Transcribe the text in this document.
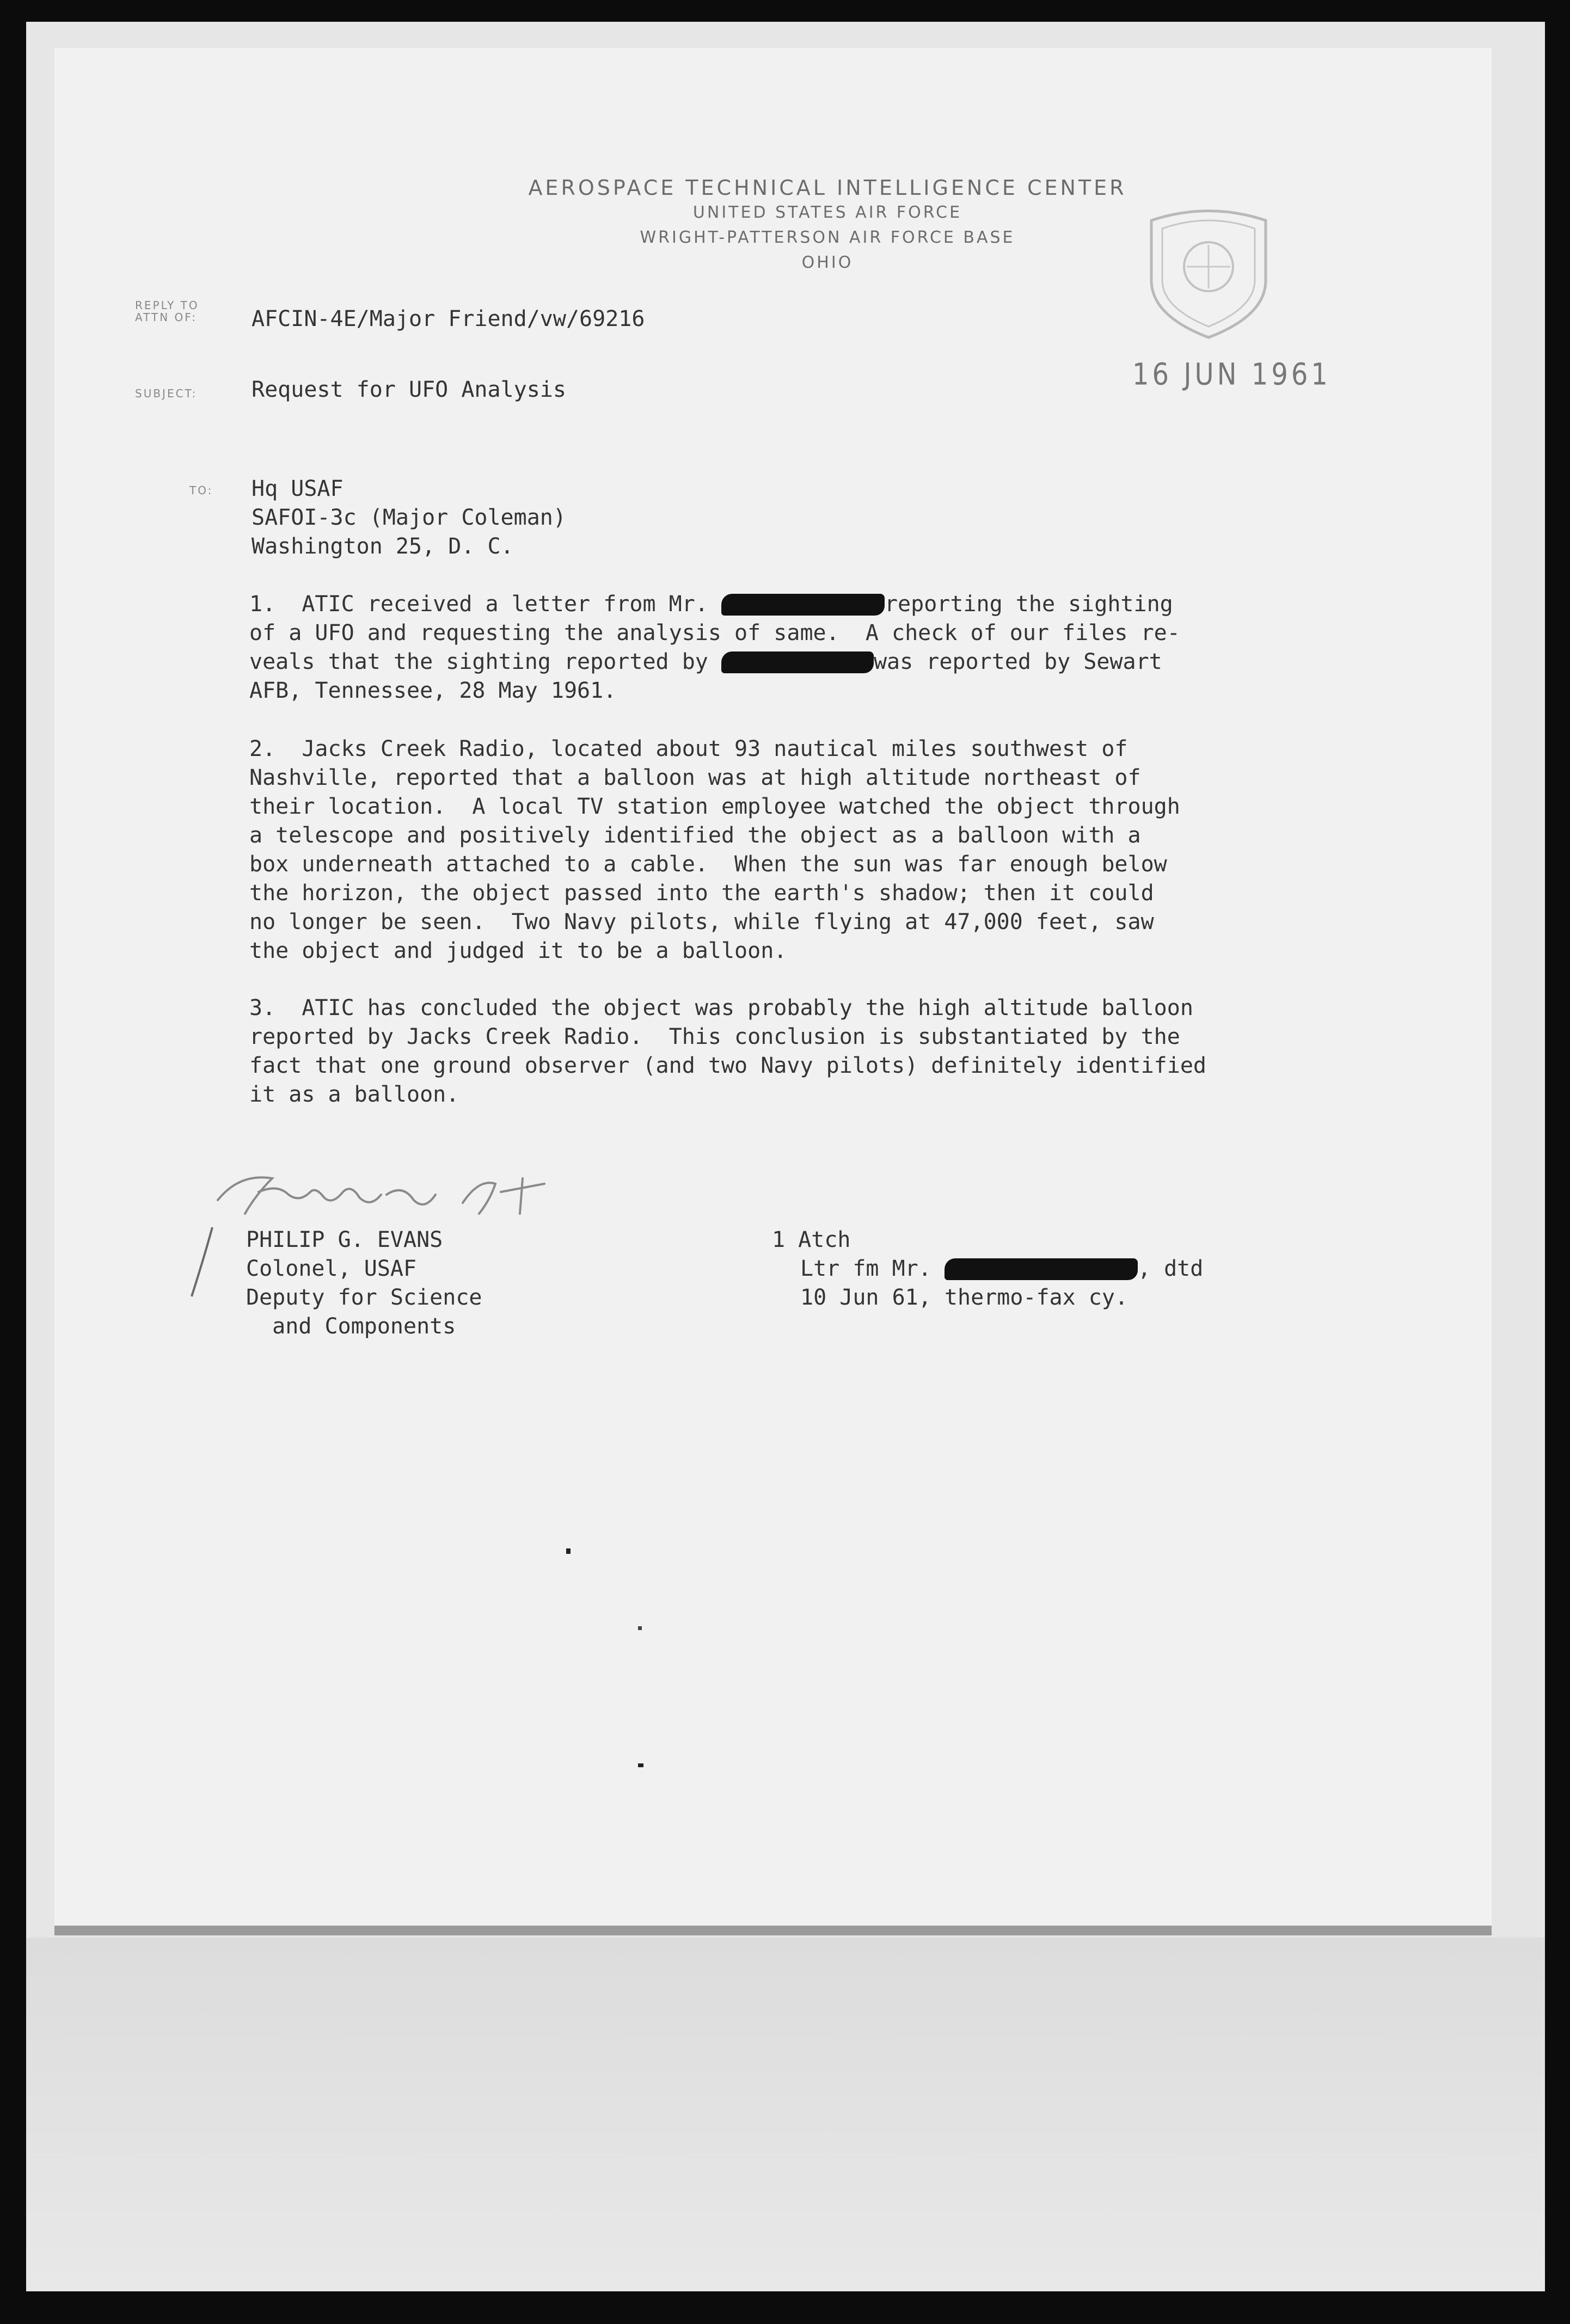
AEROSPACE TECHNICAL INTELLIGENCE CENTER

UNITED STATES AIR FORCE

WRIGHT-PATTERSON AIR FORCE BASE

OHIO

16 JUN 1961
REPLY TO
ATTN OF:	AFCIN-4E/Major Friend/vw/69216

SUBJECT: Request for UFO Analysis

TO: Hq USAF

SAFOI-3c (Major Coleman)

Washington 25, D. C.

1.  ATIC received a letter from Mr.	reporting the sighting

of a UFO and requesting the analysis of same.  A check of our files re-

veals that the sighting reported by	was reported by Sewart

AFB, Tennessee, 28 May 1961.

2.  Jacks Creek Radio, located about 93 nautical miles southwest of

Nashville, reported that a balloon was at high altitude northeast of

their location.  A local TV station employee watched the object through

a telescope and positively identified the object as a balloon with a

box underneath attached to a cable.  When the sun was far enough below

the horizon, the object passed into the earth's shadow; then it could

no longer be seen.  Two Navy pilots, while flying at 47,000 feet, saw

the object and judged it to be a balloon.

3.  ATIC has concluded the object was probably the high altitude balloon

reported by Jacks Creek Radio.  This conclusion is substantiated by the

fact that one ground observer (and two Navy pilots) definitely identified

it as a balloon.

PHILIP G. EVANS

Colonel, USAF

Deputy for Science

and Components

1 Atch

Ltr fm Mr.	, dtd

10 Jun 61, thermo-fax cy.
